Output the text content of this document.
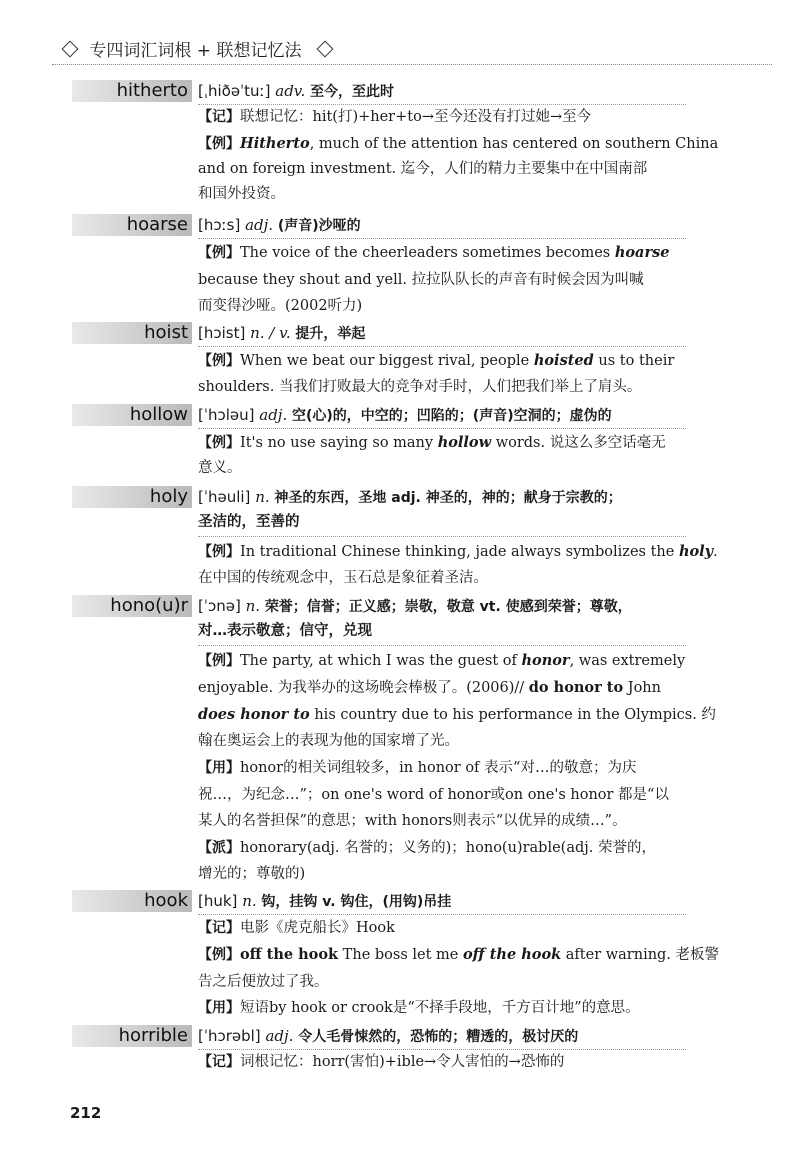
专四词汇词根 + 联想记忆法
hitherto [ˌhiðəˈtuː] adv. 至今，至此时
【记】联想记忆：hit(打)+her+to→至今还没有打过她→至今
【例】Hitherto, much of the attention has centered on southern China
and on foreign investment. 迄今，人们的精力主要集中在中国南部
和国外投资。
hoarse [hɔːs] adj. (声音)沙哑的
【例】The voice of the cheerleaders sometimes becomes hoarse
because they shout and yell. 拉拉队队长的声音有时候会因为叫喊
而变得沙哑。(2002听力)
hoist [hɔist] n. / v. 提升，举起
【例】When we beat our biggest rival, people hoisted us to their
shoulders. 当我们打败最大的竞争对手时，人们把我们举上了肩头。
hollow [ˈhɔləu] adj. 空(心)的，中空的；凹陷的；(声音)空洞的；虚伪的
【例】It's no use saying so many hollow words. 说这么多空话毫无
意义。
holy [ˈhəuli] n. 神圣的东西，圣地 adj. 神圣的，神的；献身于宗教的；
圣洁的，至善的
【例】In traditional Chinese thinking, jade always symbolizes the holy.
在中国的传统观念中，玉石总是象征着圣洁。
hono(u)r [ˈɔnə] n. 荣誉；信誉；正义感；崇敬，敬意 vt. 使感到荣誉；尊敬，
对…表示敬意；信守，兑现
【例】The party, at which I was the guest of honor, was extremely
enjoyable. 为我举办的这场晚会棒极了。(2006)// do honor to John
does honor to his country due to his performance in the Olympics. 约
翰在奥运会上的表现为他的国家增了光。
【用】honor的相关词组较多，in honor of 表示“对…的敬意；为庆
祝…，为纪念…”；on one's word of honor或on one's honor 都是“以
某人的名誉担保”的意思；with honors则表示“以优异的成绩…”。
【派】honorary(adj. 名誉的；义务的)；hono(u)rable(adj. 荣誉的，
增光的；尊敬的)
hook [huk] n. 钩，挂钩 v. 钩住，(用钩)吊挂
【记】电影《虎克船长》Hook
【例】off the hook The boss let me off the hook after warning. 老板警
告之后便放过了我。
【用】短语by hook or crook是“不择手段地，千方百计地”的意思。
horrible [ˈhɔrəbl] adj. 令人毛骨悚然的，恐怖的；糟透的，极讨厌的
【记】词根记忆：horr(害怕)+ible→令人害怕的→恐怖的
212
